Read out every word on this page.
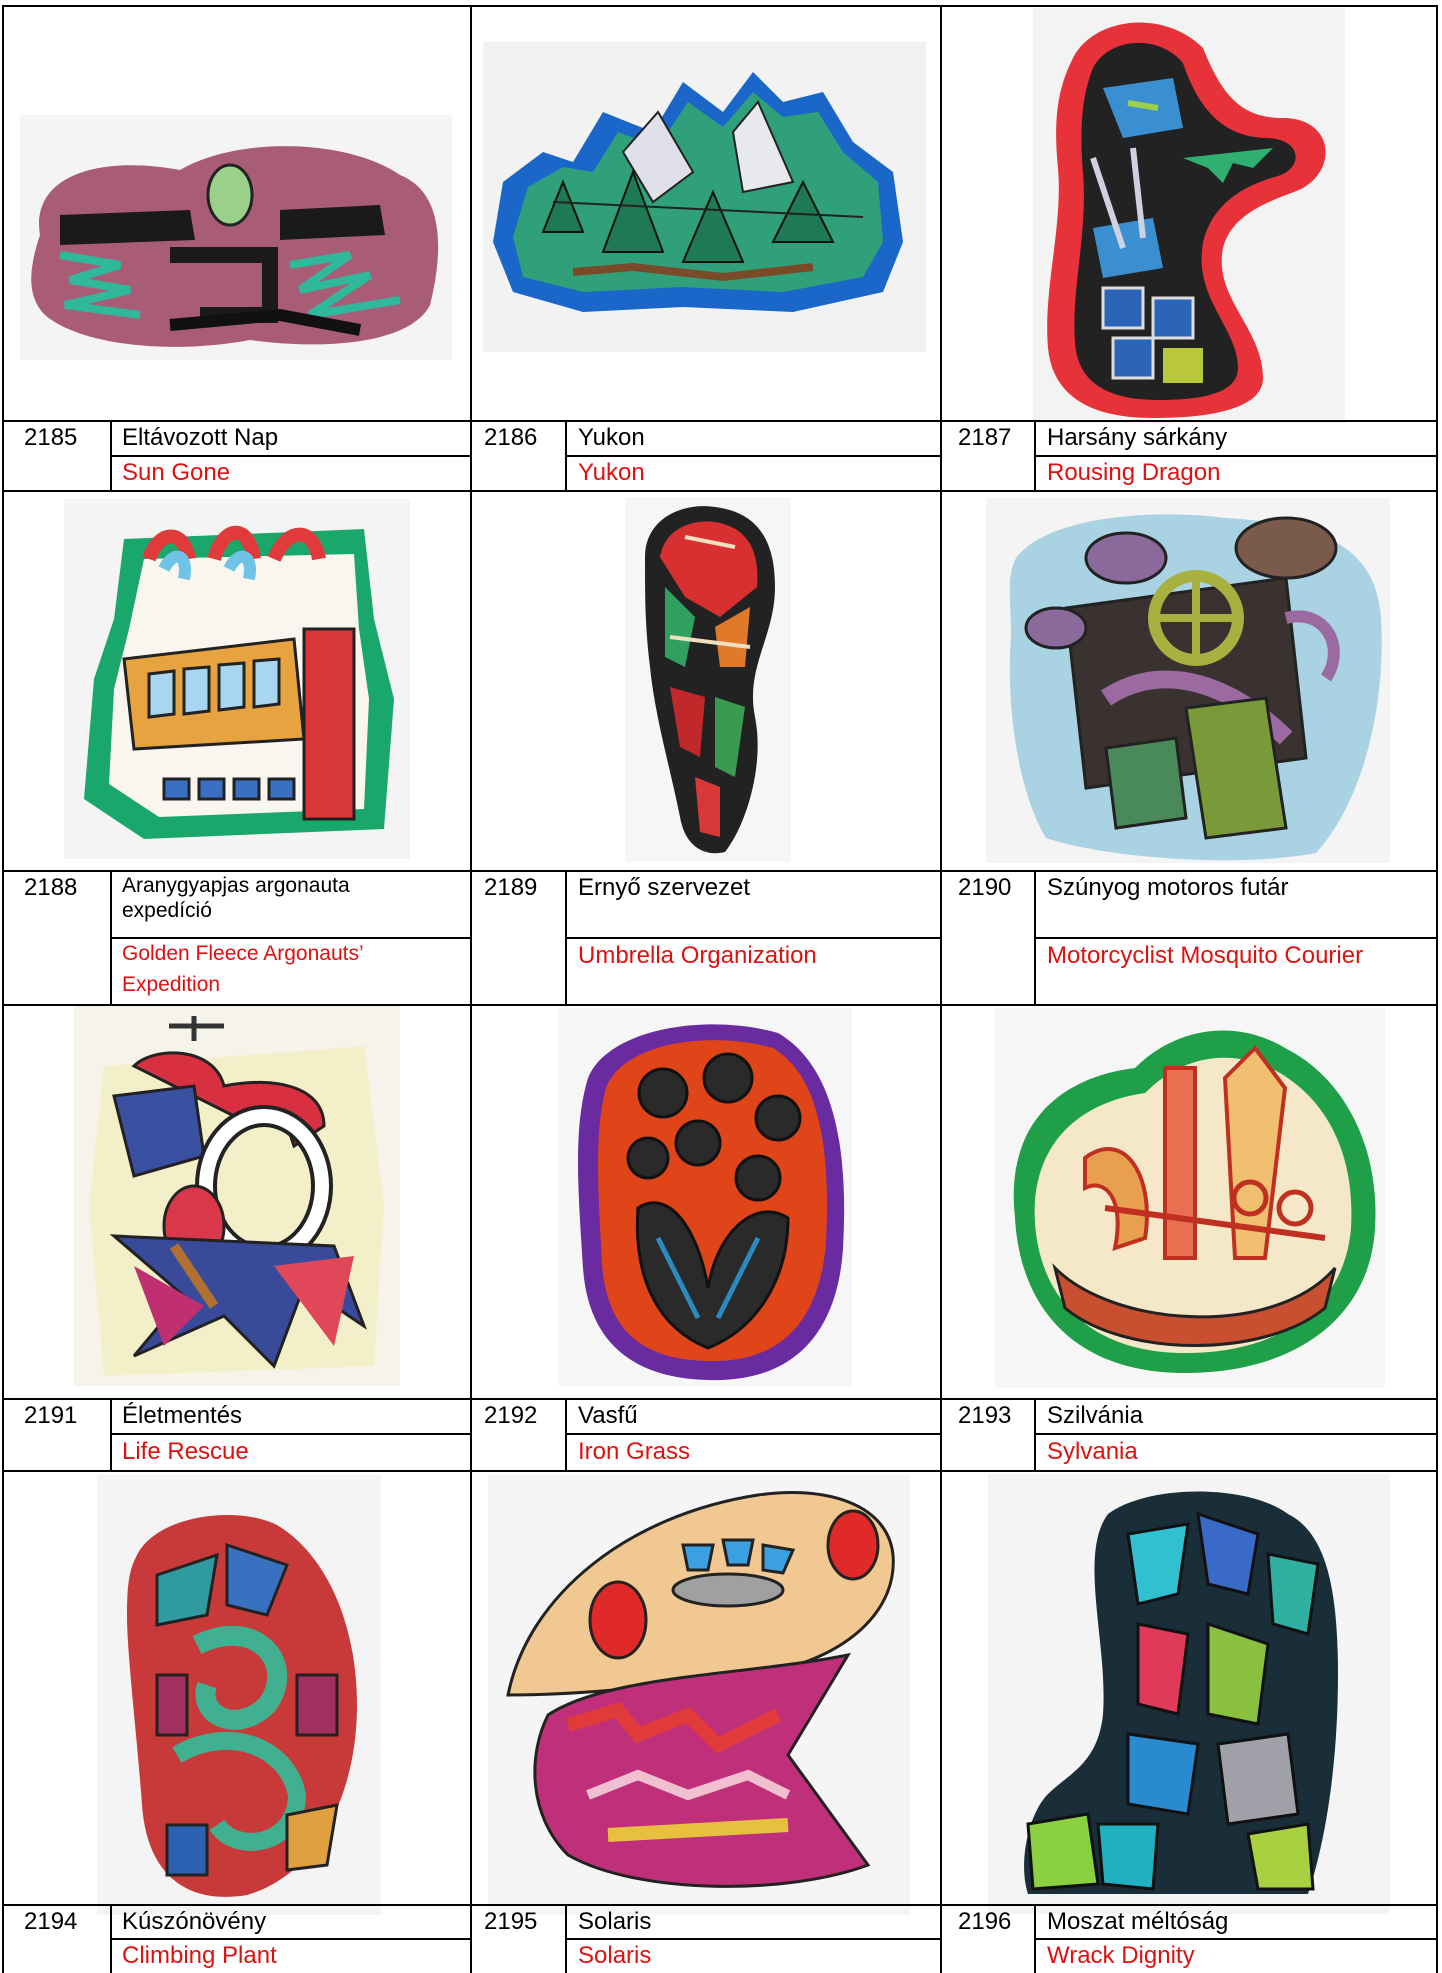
2185 Eltávozott Nap
Sun Gone
2186 Yukon
Yukon
2187 Harsány sárkány
Rousing Dragon
2188 Aranygyapjas argonauta
expedíció
Golden Fleece Argonauts’
Expedition
2189 Ernyő szervezet
Umbrella Organization
2190 Szúnyog motoros futár
Motorcyclist Mosquito Courier
2191 Életmentés
Life Rescue
2192 Vasfű
Iron Grass
2193 Szilvánia
Sylvania
2194 Kúszónövény
Climbing Plant
2195 Solaris
Solaris
2196 Moszat méltóság
Wrack Dignity
